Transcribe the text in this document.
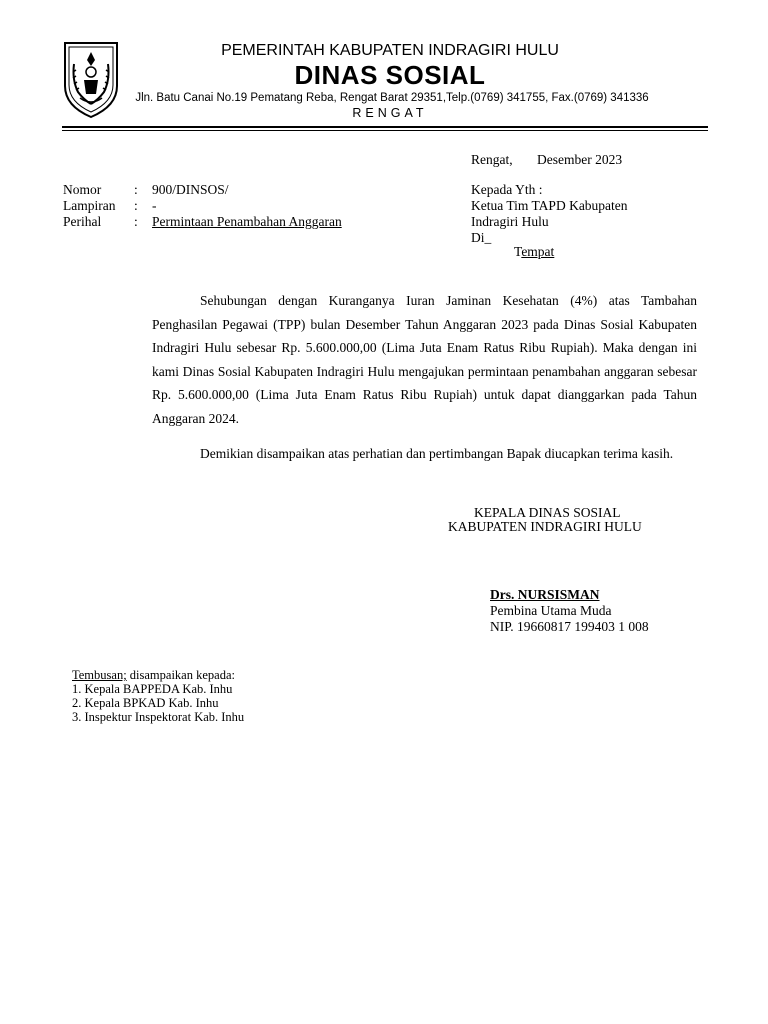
PEMERINTAH KABUPATEN INDRAGIRI HULU
DINAS SOSIAL
Jln. Batu Canai No.19 Pematang Reba, Rengat Barat 29351,Telp.(0769) 341755, Fax.(0769) 341336
RENGAT
Rengat, Desember 2023
Nomor : 900/DINSOS/
Lampiran : -
Perihal : Permintaan Penambahan Anggaran
Kepada Yth :
Ketua Tim TAPD Kabupaten
Indragiri Hulu
Di_
Tempat

Sehubungan dengan Kuranganya Iuran Jaminan Kesehatan (4%) atas Tambahan Penghasilan Pegawai (TPP) bulan Desember Tahun Anggaran 2023 pada Dinas Sosial Kabupaten Indragiri Hulu sebesar Rp. 5.600.000,00 (Lima Juta Enam Ratus Ribu Rupiah). Maka dengan ini kami Dinas Sosial Kabupaten Indragiri Hulu mengajukan permintaan penambahan anggaran sebesar Rp. 5.600.000,00 (Lima Juta Enam Ratus Ribu Rupiah) untuk dapat dianggarkan pada Tahun Anggaran 2024.

Demikian disampaikan atas perhatian dan pertimbangan Bapak diucapkan terima kasih.

KEPALA DINAS SOSIAL
KABUPATEN INDRAGIRI HULU
Drs. NURSISMAN
Pembina Utama Muda
NIP. 19660817 199403 1 008
Tembusan; disampaikan kepada:
1. Kepala BAPPEDA Kab. Inhu
2. Kepala BPKAD Kab. Inhu
3. Inspektur Inspektorat Kab. Inhu
